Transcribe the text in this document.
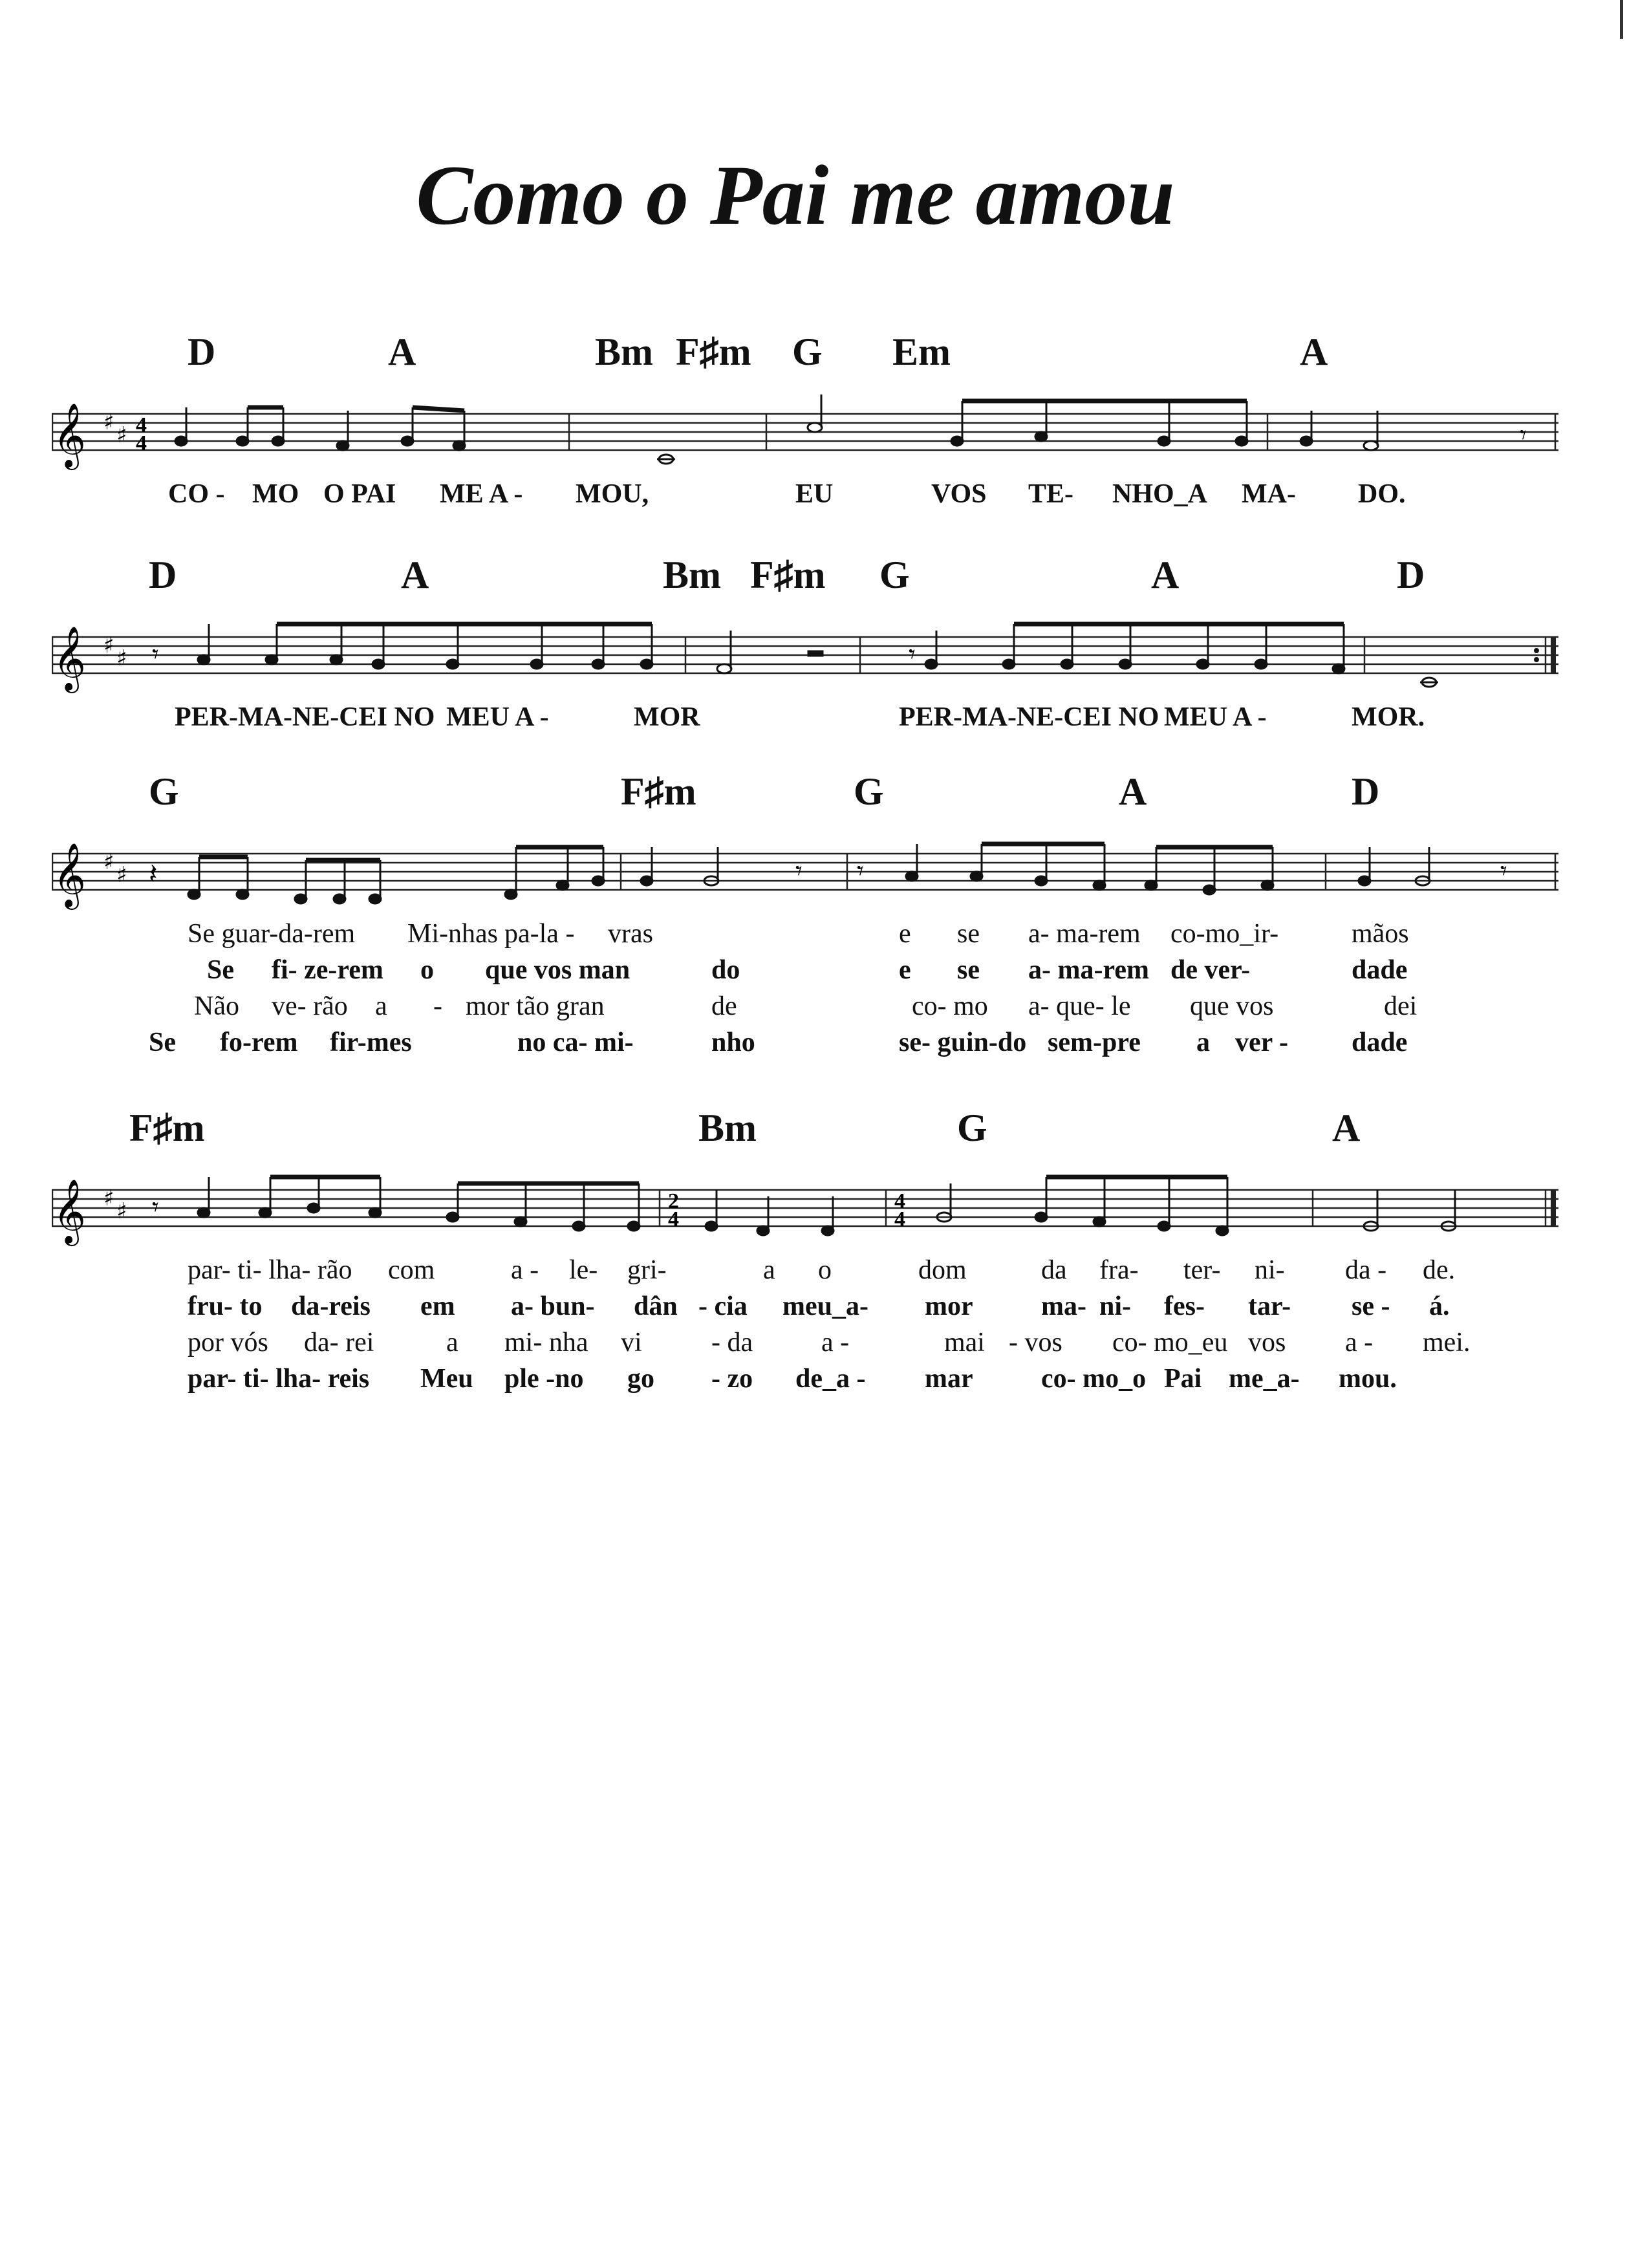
Como o Pai me amou
D	A	Bm F♯m G Em	A
𝄞 ♯ ♯ 4
4	𝄾
CO - MO O PAI ME A - MOU,	EU	VOS TE- NHO_A MA- DO.
D	A	Bm F♯m G	A	D
𝄞 ♯ ♯ 𝄾	𝄾
PER-MA-NE-CEI NO MEU A -	MOR	PER-MA-NE-CEI NO MEU A -	MOR.
G	F♯m	G	A	D
𝄞 ♯ ♯ 𝄽	𝄾 𝄾	𝄾
Se guar-da-rem Mi-nhas pa-la - vras	e se a- ma-rem co-mo_ir-	mãos
Se fi- ze-rem o que vos man	do	e se a- ma-rem de ver-	dade
Não ve- rão a - mor tão gran	de	co- mo a- que- le que vos	dei
Se fo-rem fir-mes	no ca- mi-	nho	se- guin-do sem-pre a ver - dade
F♯m	Bm	G	A
𝄞 ♯ ♯ 𝄾	2
4
4
4
par- ti- lha- rão com	a - le- gri-	a o	dom	da fra- ter- ni- da - de.
fru- to da-reis em a- bun- dân - cia meu_a- mor	ma- ni- fes- tar- se - á.
por vós da- rei	a mi- nha vi	- da	a -	mai - vos co- mo_eu vos a - mei.
par- ti- lha- reis Meu ple -no go - zo de_a - mar	co- mo_o Pai me_a- mou.
